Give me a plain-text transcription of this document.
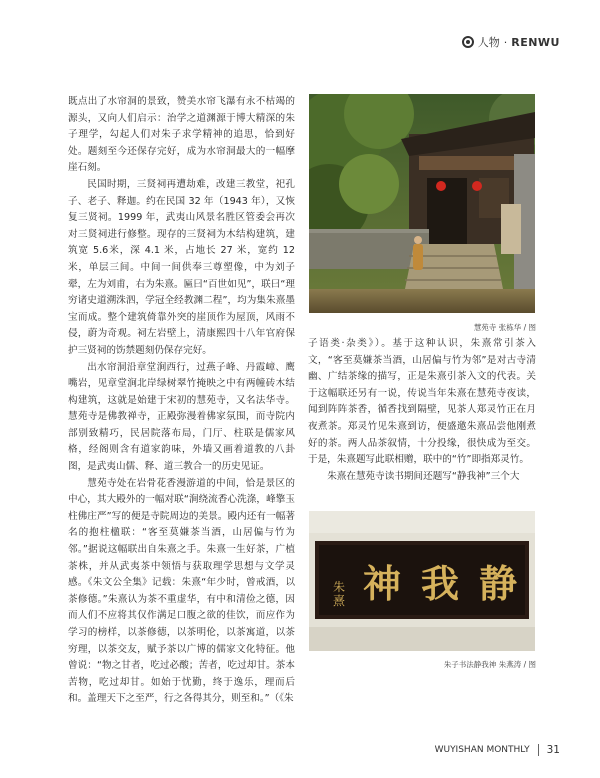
人物 · RENWU

既点出了水帘洞的景致，赞美水帘飞瀑有永不枯竭的源头，又向人们启示：治学之道渊源于博大精深的朱子理学，勾起人们对朱子求学精神的追思，恰到好处。题刻至今还保存完好，成为水帘洞最大的一幅摩崖石刻。

民国时期，三贤祠再遭劫难，改建三教堂，祀孔子、老子、释迦。约在民国 32 年（1943 年），又恢复三贤祠。1999 年，武夷山风景名胜区管委会再次对三贤祠进行修整。现存的三贤祠为木结构建筑，建筑宽 5.6米，深 4.1 米，占地长 27 米，宽约 12 米，单层三间。中间一间供奉三尊塑像，中为刘子翚，左为刘甫，右为朱熹。匾曰“百世如见”，联曰“理穷诸史道溯洙泗，学冠全经教渊二程”，均为集朱熹墨宝而成。整个建筑倚靠外突的崖顶作为屋顶，风雨不侵，蔚为奇观。祠左岩壁上，清康熙四十八年官府保护三贤祠的饬禁题刻仍保存完好。

出水帘洞沿章堂涧西行，过燕子峰、丹霞嶂、鹰嘴岩，见章堂涧北岸绿树翠竹掩映之中有两幢砖木结构建筑，这就是始建于宋初的慧苑寺，又名法华寺。慧苑寺是佛教禅寺，正殿弥漫着佛家氛围，而寺院内部别致精巧，民居院落布局，门厅、柱联是儒家风格，经阁则含有道家韵味，外墙又画着道教的八卦图，是武夷山儒、释、道三教合一的历史见证。

慧苑寺处在岩骨花香漫游道的中间，恰是景区的中心，其大殿外的一幅对联“涧绕流香心洗涤，峰擎玉柱佛庄严”写的便是寺院周边的美景。殿内还有一幅著名的抱柱楹联：“客至莫嫌茶当酒，山居偏与竹为邻。”据说这幅联出自朱熹之手。朱熹一生好茶，广植茶株，并从武夷茶中领悟与获取理学思想与文学灵感。《朱文公全集》记载：朱熹“年少时，曾戒酒，以茶修德。”朱熹认为茶不重虚华，有中和清俭之德，因而人们不应将其仅作满足口腹之欲的佳饮，而应作为学习的榜样，以茶修德，以茶明伦，以茶寓道，以茶穷理，以茶交友，赋予茶以广博的儒家文化特征。他曾说：“物之甘者，吃过必酸；苦者，吃过却甘。茶本苦物，吃过却甘。如始于忧勤，终于逸乐，理而后和。盖理天下之至严，行之各得其分，则至和。”（《朱

慧苑寺 张栋华 / 图

子语类·杂类》）。基于这种认识，朱熹常引茶入文，“客至莫嫌茶当酒，山居偏与竹为邻”是对古寺清幽、广结茶缘的描写，正是朱熹引茶入文的代表。关于这幅联还另有一说，传说当年朱熹在慧苑寺夜读，闻到阵阵茶香，循香找到隔壁，见茶人郑灵竹正在月夜煮茶。郑灵竹见朱熹到访，便盛邀朱熹品尝他刚煮好的茶。两人品茶叙情，十分投缘，很快成为至交。于是，朱熹题写此联相赠，联中的“竹”即指郑灵竹。

朱熹在慧苑寺读书期间还题写“静我神”三个大

朱
熹	静
我
神
朱子书法静我神 朱燕涛 / 图
WUYISHAN MONTHLY 31
